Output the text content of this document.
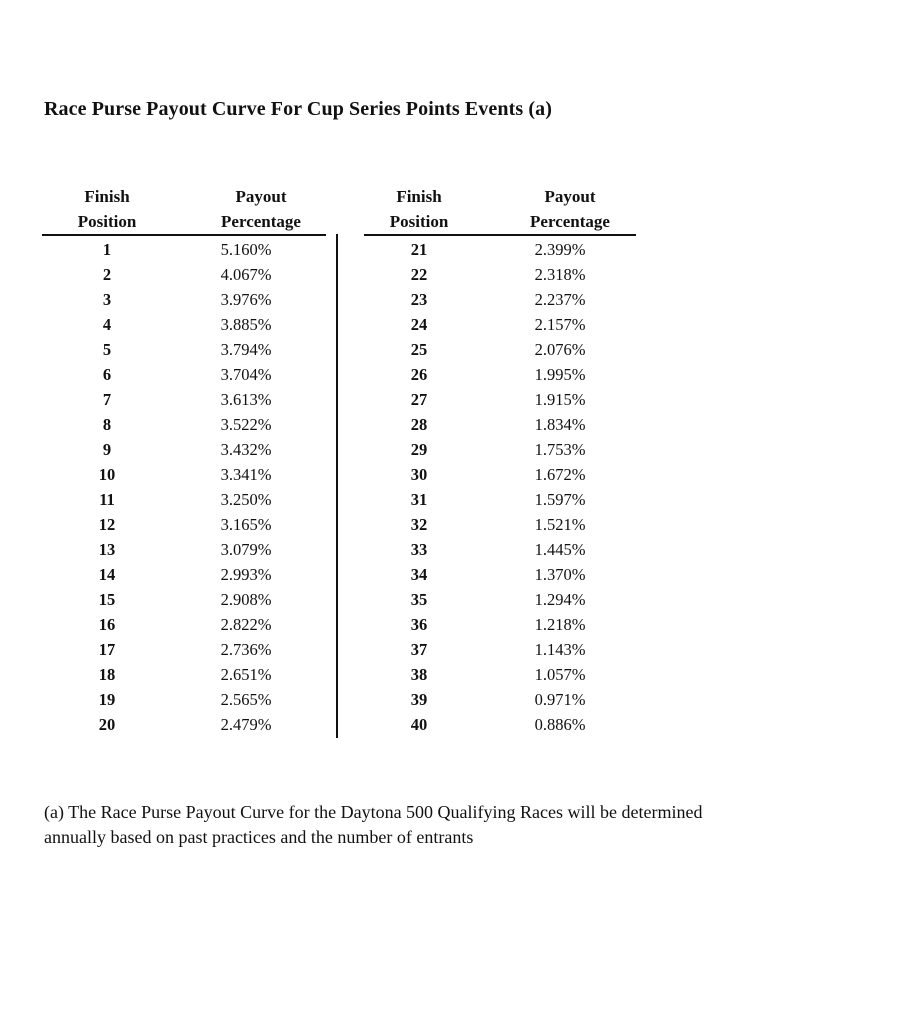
Race Purse Payout Curve For Cup Series Points Events (a)
Finish
Position
Payout
Percentage
1	5.160%
2	4.067%
3	3.976%
4	3.885%
5	3.794%
6	3.704%
7	3.613%
8	3.522%
9	3.432%
10	3.341%
11	3.250%
12	3.165%
13	3.079%
14	2.993%
15	2.908%
16	2.822%
17	2.736%
18	2.651%
19	2.565%
20	2.479%
Finish
Position
Payout
Percentage
21	2.399%
22	2.318%
23	2.237%
24	2.157%
25	2.076%
26	1.995%
27	1.915%
28	1.834%
29	1.753%
30	1.672%
31	1.597%
32	1.521%
33	1.445%
34	1.370%
35	1.294%
36	1.218%
37	1.143%
38	1.057%
39	0.971%
40	0.886%
(a) The Race Purse Payout Curve for the Daytona 500 Qualifying Races will be determined
annually based on past practices and the number of entrants
